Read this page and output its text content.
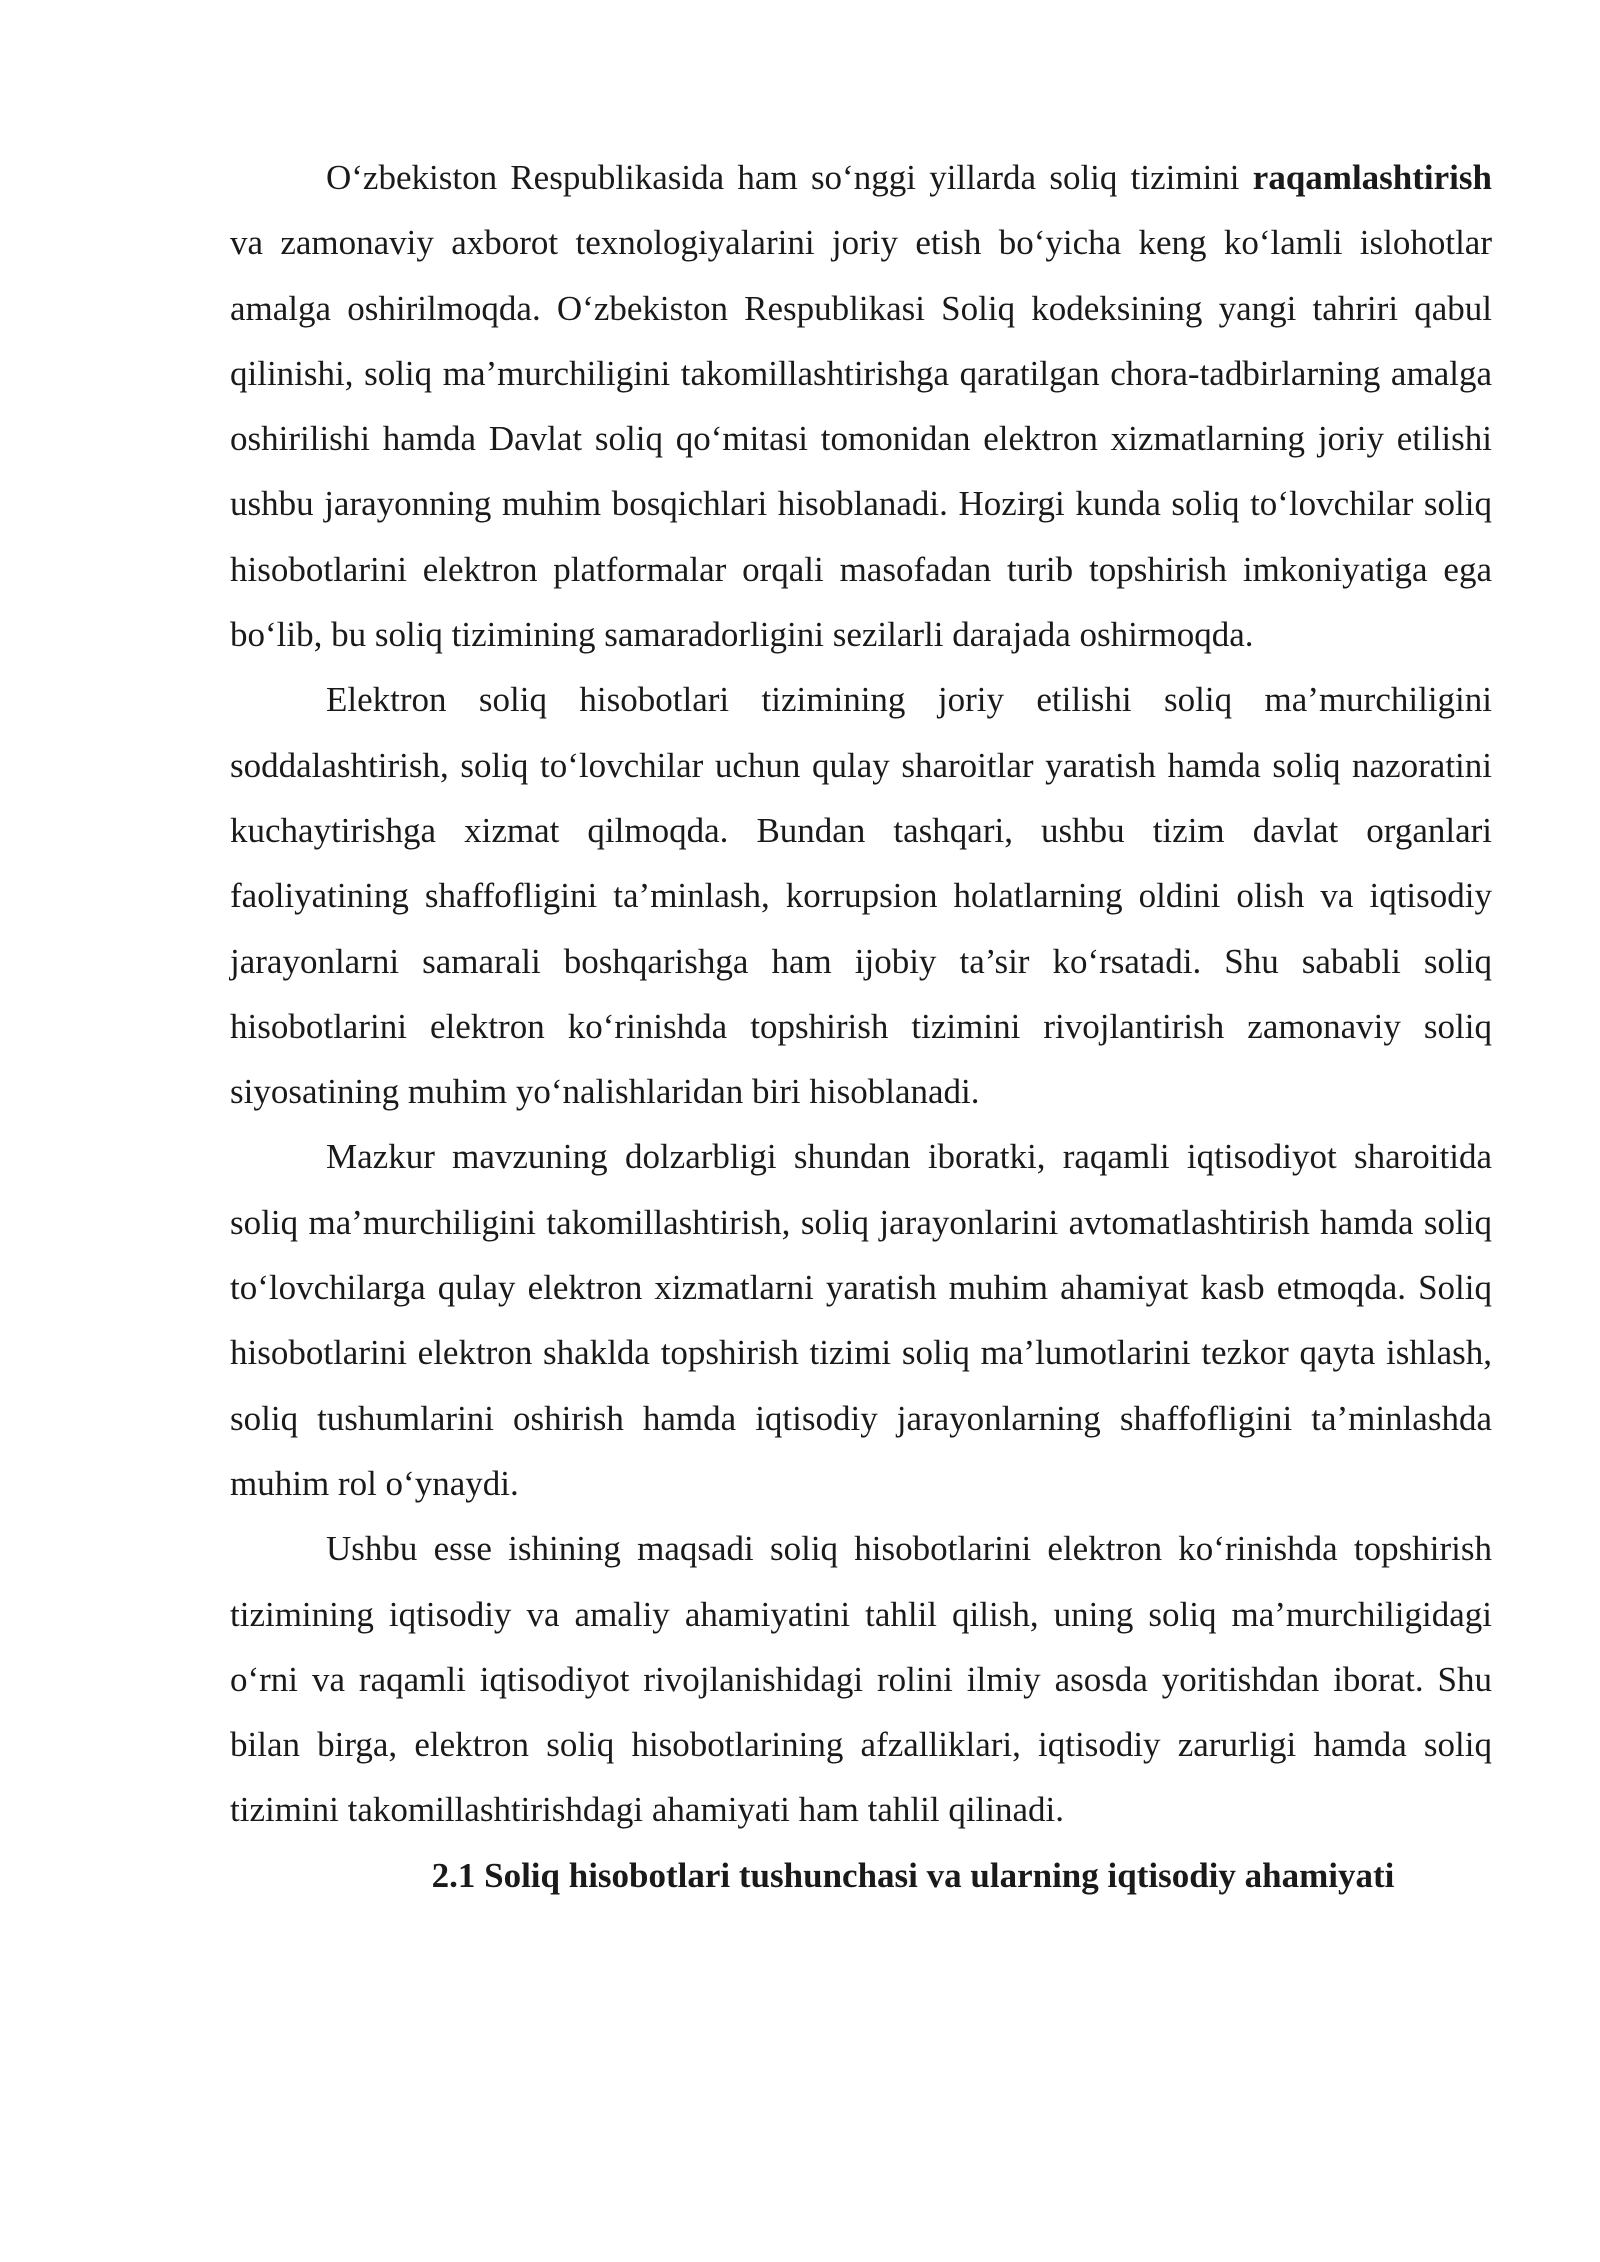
O‘zbekiston Respublikasida ham so‘nggi yillarda soliq tizimini raqamlashtirish va zamonaviy axborot texnologiyalarini joriy etish bo‘yicha keng ko‘lamli islohotlar amalga oshirilmoqda. O‘zbekiston Respublikasi Soliq kodeksining yangi tahriri qabul qilinishi, soliq ma’murchiligini takomillashtirishga qaratilgan chora-tadbirlarning amalga oshirilishi hamda Davlat soliq qo‘mitasi tomonidan elektron xizmatlarning joriy etilishi ushbu jarayonning muhim bosqichlari hisoblanadi. Hozirgi kunda soliq to‘lovchilar soliq hisobotlarini elektron platformalar orqali masofadan turib topshirish imkoniyatiga ega bo‘lib, bu soliq tizimining samaradorligini sezilarli darajada oshirmoqda.

Elektron soliq hisobotlari tizimining joriy etilishi soliq ma’murchiligini soddalashtirish, soliq to‘lovchilar uchun qulay sharoitlar yaratish hamda soliq nazoratini kuchaytirishga xizmat qilmoqda. Bundan tashqari, ushbu tizim davlat organlari faoliyatining shaffofligini ta’minlash, korrupsion holatlarning oldini olish va iqtisodiy jarayonlarni samarali boshqarishga ham ijobiy ta’sir ko‘rsatadi. Shu sababli soliq hisobotlarini elektron ko‘rinishda topshirish tizimini rivojlantirish zamonaviy soliq siyosatining muhim yo‘nalishlaridan biri hisoblanadi.

Mazkur mavzuning dolzarbligi shundan iboratki, raqamli iqtisodiyot sharoitida soliq ma’murchiligini takomillashtirish, soliq jarayonlarini avtomatlashtirish hamda soliq to‘lovchilarga qulay elektron xizmatlarni yaratish muhim ahamiyat kasb etmoqda. Soliq hisobotlarini elektron shaklda topshirish tizimi soliq ma’lumotlarini tezkor qayta ishlash, soliq tushumlarini oshirish hamda iqtisodiy jarayonlarning shaffofligini ta’minlashda muhim rol o‘ynaydi.

Ushbu esse ishining maqsadi soliq hisobotlarini elektron ko‘rinishda topshirish tizimining iqtisodiy va amaliy ahamiyatini tahlil qilish, uning soliq ma’murchiligidagi o‘rni va raqamli iqtisodiyot rivojlanishidagi rolini ilmiy asosda yoritishdan iborat. Shu bilan birga, elektron soliq hisobotlarining afzalliklari, iqtisodiy zarurligi hamda soliq tizimini takomillashtirishdagi ahamiyati ham tahlil qilinadi.

2.1 Soliq hisobotlari tushunchasi va ularning iqtisodiy ahamiyati
